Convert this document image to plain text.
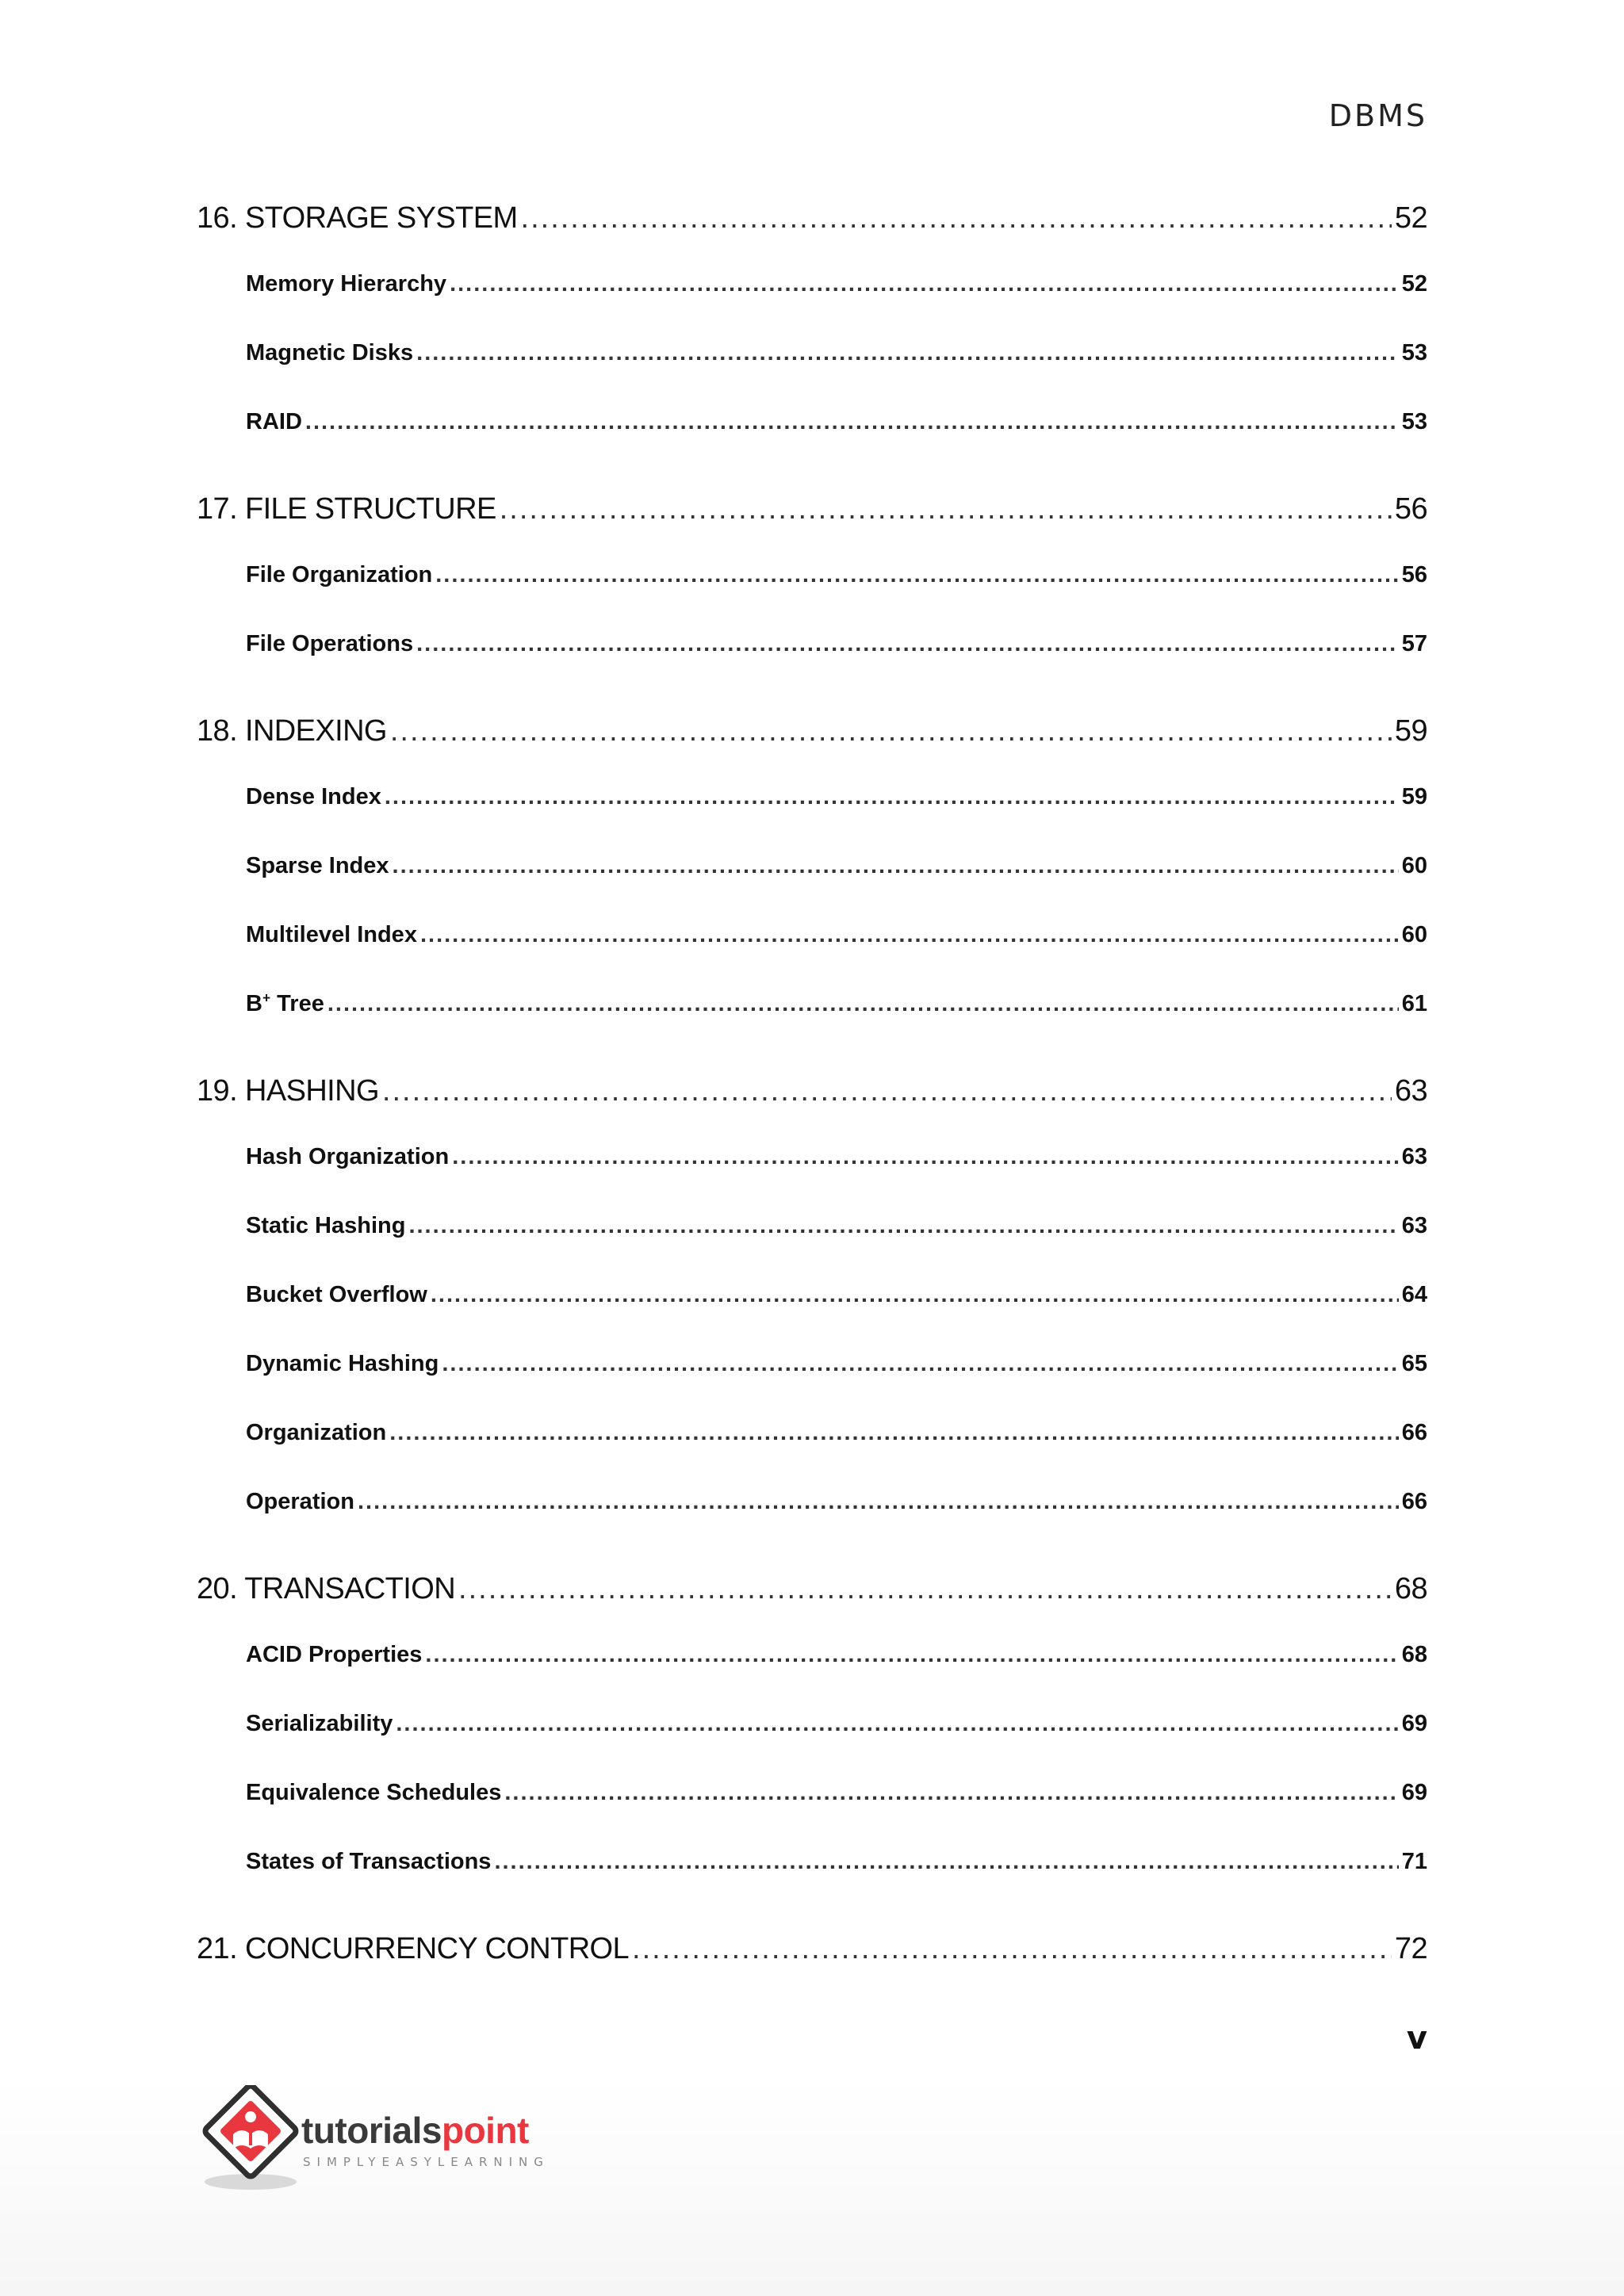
DBMS
16. STORAGE SYSTEM .....	52
Memory Hierarchy .....	52
Magnetic Disks .....	53
RAID .....	53
17. FILE STRUCTURE .....	56
File Organization .....	56
File Operations .....	57
18. INDEXING .....	59
Dense Index .....	59
Sparse Index .....	60
Multilevel Index .....	60
B+ Tree .....	61
19. HASHING .....	63
Hash Organization .....	63
Static Hashing .....	63
Bucket Overflow .....	64
Dynamic Hashing .....	65
Organization .....	66
Operation .....	66
20. TRANSACTION .....	68
ACID Properties .....	68
Serializability .....	69
Equivalence Schedules .....	69
States of Transactions .....	71
21. CONCURRENCY CONTROL .....	72
v
tutorialspoint
SIMPLYEASYLEARNING
